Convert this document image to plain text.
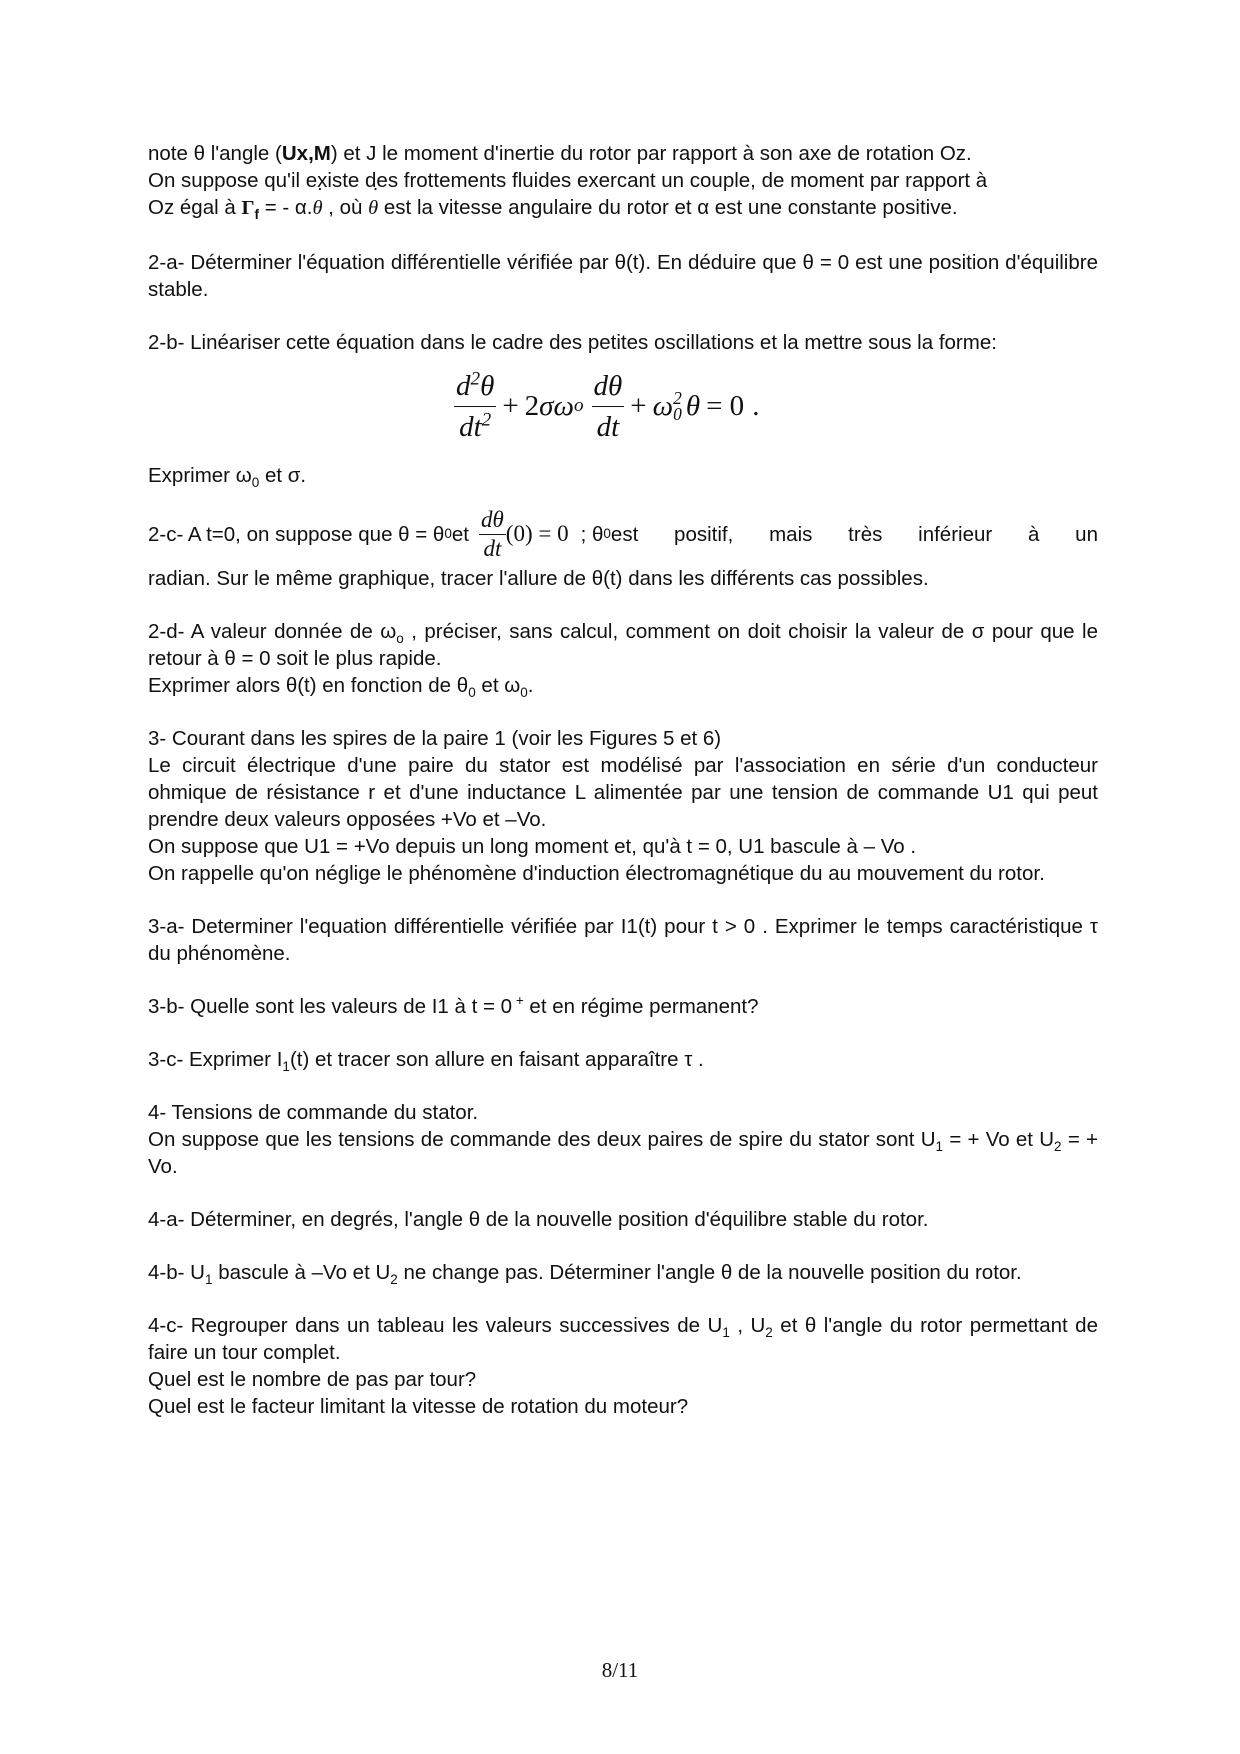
note θ l'angle (Ux,M) et J le moment d'inertie du rotor par rapport à son axe de rotation Oz.
On suppose qu'il existe des frottements fluides exercant un couple, de moment par rapport à
Oz égal à $\Gamma_f$ = - α.θ ˙ , où θ ˙ est la vitesse angulaire du rotor et α est une constante positive.

2-a- Déterminer l'équation différentielle vérifiée par θ(t). En déduire que θ = 0 est une position d'équilibre stable.

2-b- Linéariser cette équation dans le cadre des petites oscillations et la mettre sous la forme:

$\frac{d^2\theta}{dt^2} + 2$ σ ω o $\frac{d\theta}{dt} + \omega$ 2
0 θ = 0 .

Exprimer $\omega_0$ et σ.

2-c- A t=0, on suppose que θ = θ 0 et $\frac{d\theta}{dt} (0) = 0$ ; θ 0 est positif, mais très inférieur à un

radian. Sur le même graphique, tracer l'allure de θ(t) dans les différents cas possibles.

2-d- A valeur donnée de $\omega_o$ , préciser, sans calcul, comment on doit choisir la valeur de σ pour que le retour à θ = 0 soit le plus rapide.
Exprimer alors θ(t) en fonction de $\theta_0$ et $\omega_0$.

3- Courant dans les spires de la paire 1 (voir les Figures 5 et 6)

Le circuit électrique d'une paire du stator est modélisé par l'association en série d'un conducteur ohmique de résistance r et d'une inductance L alimentée par une tension de commande U1 qui peut prendre deux valeurs opposées +Vo et –Vo.

On suppose que U1 = +Vo depuis un long moment et, qu'à t = 0, U1 bascule à – Vo .

On rappelle qu'on néglige le phénomène d'induction électromagnétique du au mouvement du rotor.

3-a- Determiner l'equation différentielle vérifiée par I1(t) pour t > 0 . Exprimer le temps caractéristique τ du phénomène.

3-b- Quelle sont les valeurs de I1 à t = 0 + et en régime permanent?

3-c- Exprimer $I_1(t)$ et tracer son allure en faisant apparaître τ .

4- Tensions de commande du stator.

On suppose que les tensions de commande des deux paires de spire du stator sont $U_1$ = + Vo et $U_2$ = + Vo.

4-a- Déterminer, en degrés, l'angle θ de la nouvelle position d'équilibre stable du rotor.

4-b- $U_1$ bascule à –Vo et $U_2$ ne change pas. Déterminer l'angle θ de la nouvelle position du rotor.

4-c- Regrouper dans un tableau les valeurs successives de $U_1$ , $U_2$ et θ l'angle du rotor permettant de faire un tour complet.

Quel est le nombre de pas par tour?

Quel est le facteur limitant la vitesse de rotation du moteur?

8/11
